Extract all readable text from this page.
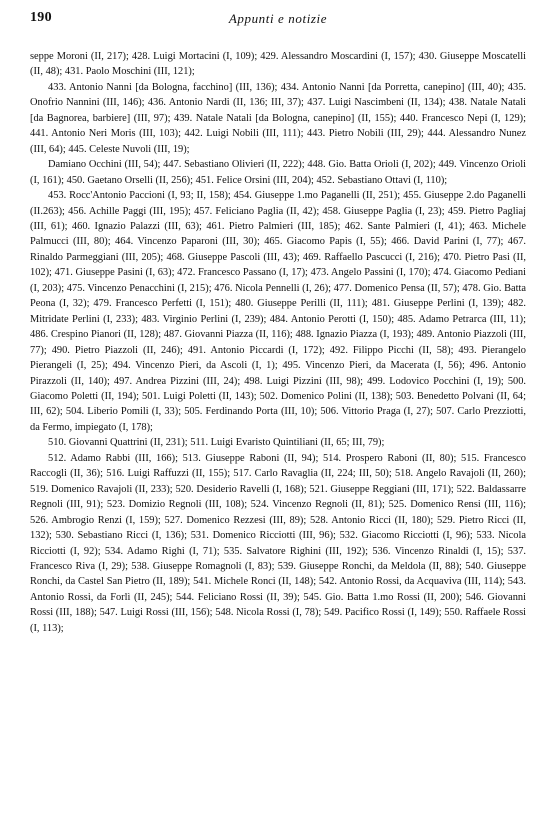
190	Appunti e notizie

seppe Moroni (II, 217); 428. Luigi Mortacini (I, 109); 429. Alessandro Moscardini (I, 157); 430. Giuseppe Moscatelli (II, 48); 431. Paolo Moschini (III, 121);

433. Antonio Nanni [da Bologna, facchino] (III, 136); 434. Antonio Nanni [da Porretta, canepino] (III, 40); 435. Onofrio Nannini (III, 146); 436. Antonio Nardi (II, 136; III, 37); 437. Luigi Nascimbeni (II, 134); 438. Natale Natali [da Bagnorea, barbiere] (III, 97); 439. Natale Natali [da Bologna, canepino] (II, 155); 440. Francesco Nepi (I, 129); 441. Antonio Neri Moris (III, 103); 442. Luigi Nobili (III, 111); 443. Pietro Nobili (III, 29); 444. Alessandro Nunez (III, 64); 445. Celeste Nuvoli (III, 19);

Damiano Occhini (III, 54); 447. Sebastiano Olivieri (II, 222); 448. Gio. Batta Orioli (I, 202); 449. Vincenzo Orioli (I, 161); 450. Gaetano Orselli (II, 256); 451. Felice Orsini (III, 204); 452. Sebastiano Ottavi (I, 110);

453. Rocc'Antonio Paccioni (I, 93; II, 158); 454. Giuseppe 1.mo Paganelli (II, 251); 455. Giuseppe 2.do Paganelli (II.263); 456. Achille Paggi (III, 195); 457. Feliciano Paglia (II, 42); 458. Giuseppe Paglia (I, 23); 459. Pietro Pagliaj (III, 61); 460. Ignazio Palazzi (III, 63); 461. Pietro Palmieri (III, 185); 462. Sante Palmieri (I, 41); 463. Michele Palmucci (III, 80); 464. Vincenzo Paparoni (III, 30); 465. Giacomo Papis (I, 55); 466. David Parini (I, 77); 467. Rinaldo Parmeggiani (III, 205); 468. Giuseppe Pascoli (III, 43); 469. Raffaello Pascucci (I, 216); 470. Pietro Pasi (II, 102); 471. Giuseppe Pasini (I, 63); 472. Francesco Passano (I, 17); 473. Angelo Passini (I, 170); 474. Giacomo Pediani (I, 203); 475. Vincenzo Penacchini (I, 215); 476. Nicola Pennelli (I, 26); 477. Domenico Pensa (II, 57); 478. Gio. Batta Peona (I, 32); 479. Francesco Perfetti (I, 151); 480. Giuseppe Perilli (II, 111); 481. Giuseppe Perlini (I, 139); 482. Mitridate Perlini (I, 233); 483. Virginio Perlini (I, 239); 484. Antonio Perotti (I, 150); 485. Adamo Petrarca (III, 11); 486. Crespino Pianori (II, 128); 487. Giovanni Piazza (II, 116); 488. Ignazio Piazza (I, 193); 489. Antonio Piazzoli (III, 77); 490. Pietro Piazzoli (II, 246); 491. Antonio Piccardi (I, 172); 492. Filippo Picchi (II, 58); 493. Pierangelo Pierangeli (I, 25); 494. Vincenzo Pieri, da Ascoli (I, 1); 495. Vincenzo Pieri, da Macerata (I, 56); 496. Antonio Pirazzoli (II, 140); 497. Andrea Pizzini (III, 24); 498. Luigi Pizzini (III, 98); 499. Lodovico Pocchini (I, 19); 500. Giacomo Poletti (II, 194); 501. Luigi Poletti (II, 143); 502. Domenico Polini (II, 138); 503. Benedetto Polvani (II, 64; III, 62); 504. Liberio Pomili (I, 33); 505. Ferdinando Porta (III, 10); 506. Vittorio Praga (I, 27); 507. Carlo Prezziotti, da Fermo, impiegato (I, 178);

510. Giovanni Quattrini (II, 231); 511. Luigi Evaristo Quintiliani (II, 65; III, 79);

512. Adamo Rabbi (III, 166); 513. Giuseppe Raboni (II, 94); 514. Prospero Raboni (II, 80); 515. Francesco Raccogli (II, 36); 516. Luigi Raffuzzi (II, 155); 517. Carlo Ravaglia (II, 224; III, 50); 518. Angelo Ravajoli (II, 260); 519. Domenico Ravajoli (II, 233); 520. Desiderio Ravelli (I, 168); 521. Giuseppe Reggiani (III, 171); 522. Baldassarre Regnoli (III, 91); 523. Domizio Regnoli (III, 108); 524. Vincenzo Regnoli (II, 81); 525. Domenico Rensi (III, 116); 526. Ambrogio Renzi (I, 159); 527. Domenico Rezzesi (III, 89); 528. Antonio Ricci (II, 180); 529. Pietro Ricci (II, 132); 530. Sebastiano Ricci (I, 136); 531. Domenico Ricciotti (III, 96); 532. Giacomo Ricciotti (I, 96); 533. Nicola Ricciotti (I, 92); 534. Adamo Righi (I, 71); 535. Salvatore Righini (III, 192); 536. Vincenzo Rinaldi (I, 15); 537. Francesco Riva (I, 29); 538. Giuseppe Romagnoli (I, 83); 539. Giuseppe Ronchi, da Meldola (II, 88); 540. Giuseppe Ronchi, da Castel San Pietro (II, 189); 541. Michele Ronci (II, 148); 542. Antonio Rossi, da Acquaviva (III, 114); 543. Antonio Rossi, da Forlì (II, 245); 544. Feliciano Rossi (II, 39); 545. Gio. Batta 1.mo Rossi (II, 200); 546. Giovanni Rossi (III, 188); 547. Luigi Rossi (III, 156); 548. Nicola Rossi (I, 78); 549. Pacifico Rossi (I, 149); 550. Raffaele Rossi (I, 113);
